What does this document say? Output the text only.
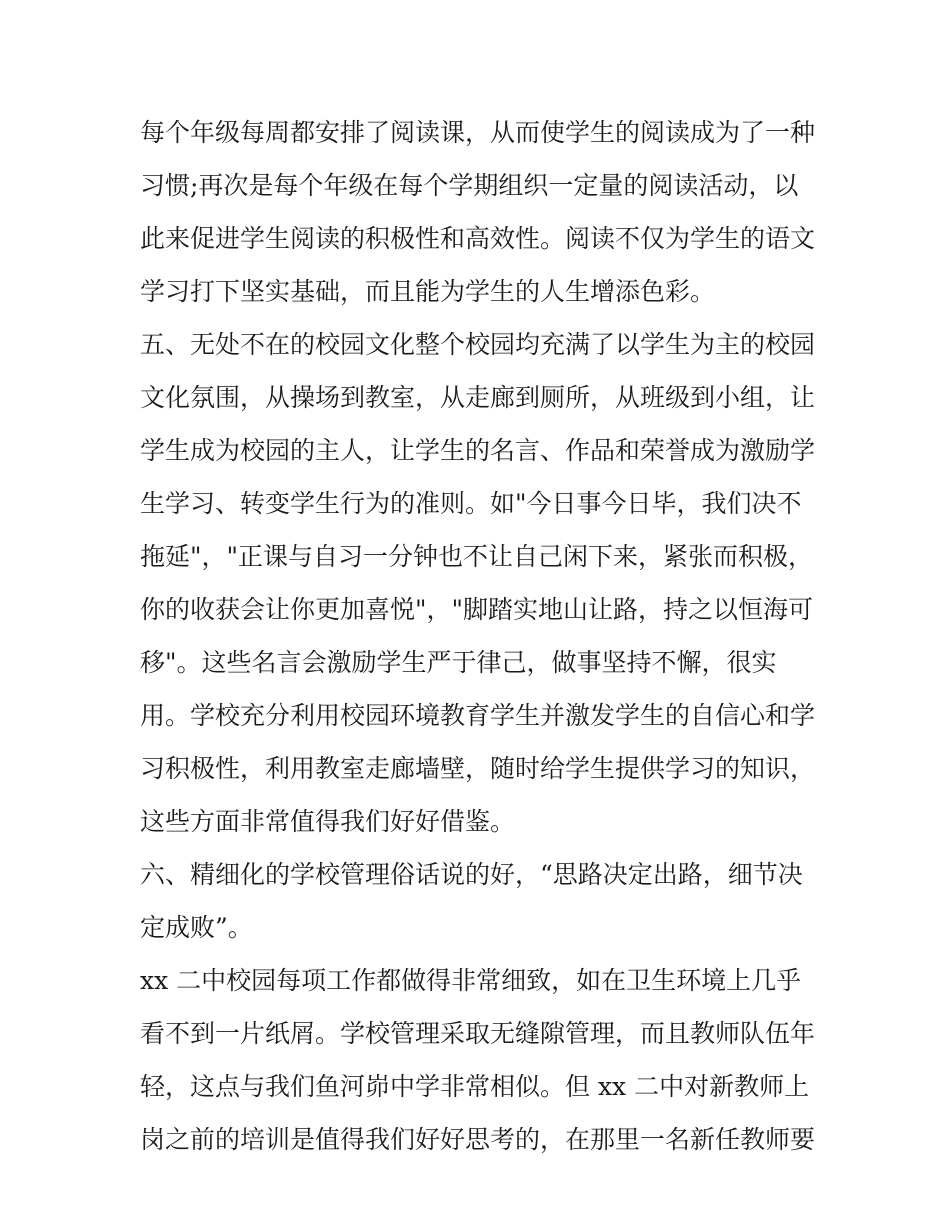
每个年级每周都安排了阅读课，从而使学生的阅读成为了一种
习惯;再次是每个年级在每个学期组织一定量的阅读活动，以
此来促进学生阅读的积极性和高效性。阅读不仅为学生的语文
学习打下坚实基础，而且能为学生的人生增添色彩。
五、无处不在的校园文化整个校园均充满了以学生为主的校园
文化氛围，从操场到教室，从走廊到厕所，从班级到小组，让
学生成为校园的主人，让学生的名言、作品和荣誉成为激励学
生学习、转变学生行为的准则。如"今日事今日毕，我们决不
拖延"，"正课与自习一分钟也不让自己闲下来，紧张而积极，
你的收获会让你更加喜悦"，"脚踏实地山让路，持之以恒海可
移"。这些名言会激励学生严于律己，做事坚持不懈，很实
用。学校充分利用校园环境教育学生并激发学生的自信心和学
习积极性，利用教室走廊墙壁，随时给学生提供学习的知识，
这些方面非常值得我们好好借鉴。
六、精细化的学校管理俗话说的好，“思路决定出路，细节决
定成败”。
xx 二中校园每项工作都做得非常细致，如在卫生环境上几乎
看不到一片纸屑。学校管理采取无缝隙管理，而且教师队伍年
轻，这点与我们鱼河峁中学非常相似。但 xx 二中对新教师上
岗之前的培训是值得我们好好思考的，在那里一名新任教师要
